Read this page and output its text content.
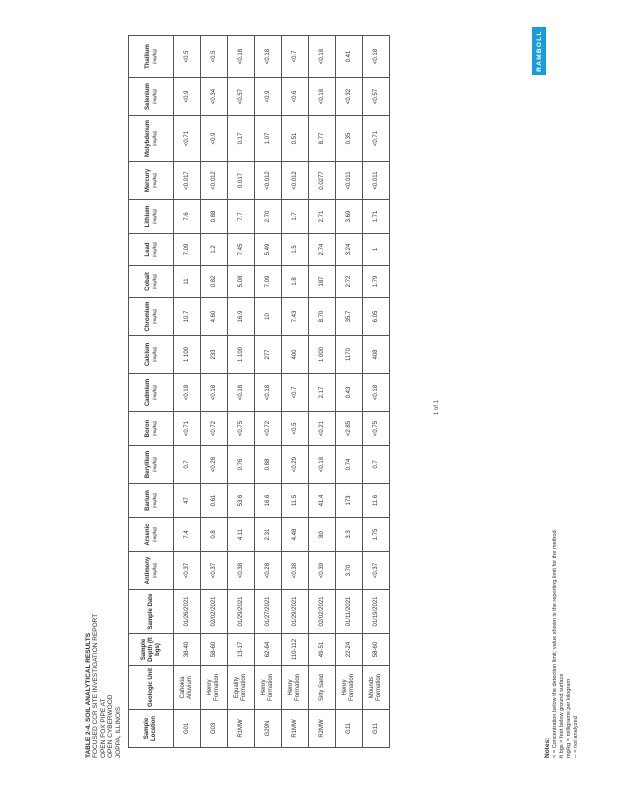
TABLE 2-4. SOIL ANALYTICAL RESULTS FOCUSED CCR SITE INVESTIGATION REPORT OPEN FOX PIPE AT OPEN CYBERWOOD JOPPA, ILLINOIS
RAMBOLL
Sample Location	Geologic Unit	Sample Depth (ft bgs)	Sample Date	Antimony (mg/kg)	Arsenic (mg/kg)	Barium (mg/kg)	Beryllium (mg/kg)	Boron (mg/kg)	Cadmium (mg/kg)	Calcium (mg/kg)	Chromium (mg/kg)	Cobalt (mg/kg)	Lead (mg/kg)	Lithium (mg/kg)	Mercury (mg/kg)	Molybdenum (mg/kg)	Selenium (mg/kg)	Thallium (mg/kg)

G01	Cahokia Alluvium	38-40	01/26/2021	<0.37	7.4	47	0.7	<0.71	<0.18	1 100	10.7	11	7.09	7.6	<0.017	<0.71	<0.9	<0.5
G03	Henry Formation	58-60	02/02/2021	<0.37	0.8	0.61	<0.28	<0.72	<0.18	233	4.60	0.82	1.2	0.88	<0.012	<0.9	<0.34	<0.5
R1MW	Equality Formation	13-17	01/29/2021	<0.38	4.11	53.6	0.76	<0.75	<0.18	1 100	16.9	5.08	7.45	7.7	0.017	0.17	<0.57	<0.18
G29N	Henry Formation	62-64	01/27/2021	<0.28	2.31	16.6	0.88	<0.72	<0.18	277	10	7.09	5.49	2.70	<0.012	1.07	<0.9	<0.18
R1MW	Henry Formation	110-112	01/29/2021	<0.38	4.48	11.5	<0.29	<0.5	<0.7	400	7.43	1.8	1.5	1.7	<0.012	0.51	<0.6	<0.7
R2MW	Silty Sand	49-51	02/02/2021	<0.39	80	41.4	<0.18	<0.21	2.17	1 000	8.70	187	2.74	2.71	0.0277	8.77	<0.18	<0.18
G11	Henry Formation	22-24	01/11/2021	3.70	3.3	173	0.74	<2.85	0.43	1170	35.7	2.72	3.24	3.69	<0.011	0.35	<0.32	0.41
G11	Mounds Formation	58-60	01/19/2021	<0.37	1.75	11.6	0.7	<0.75	<0.18	408	6.05	1.79	1	1.71	<0.011	<0.71	<0.57	<0.18
Notes: < = Concentration below the detection limit; value shown is the reporting limit for the method. ft bgs = feet below ground surface mg/kg = milligrams per kilogram -- = not analyzed
1 of 1
